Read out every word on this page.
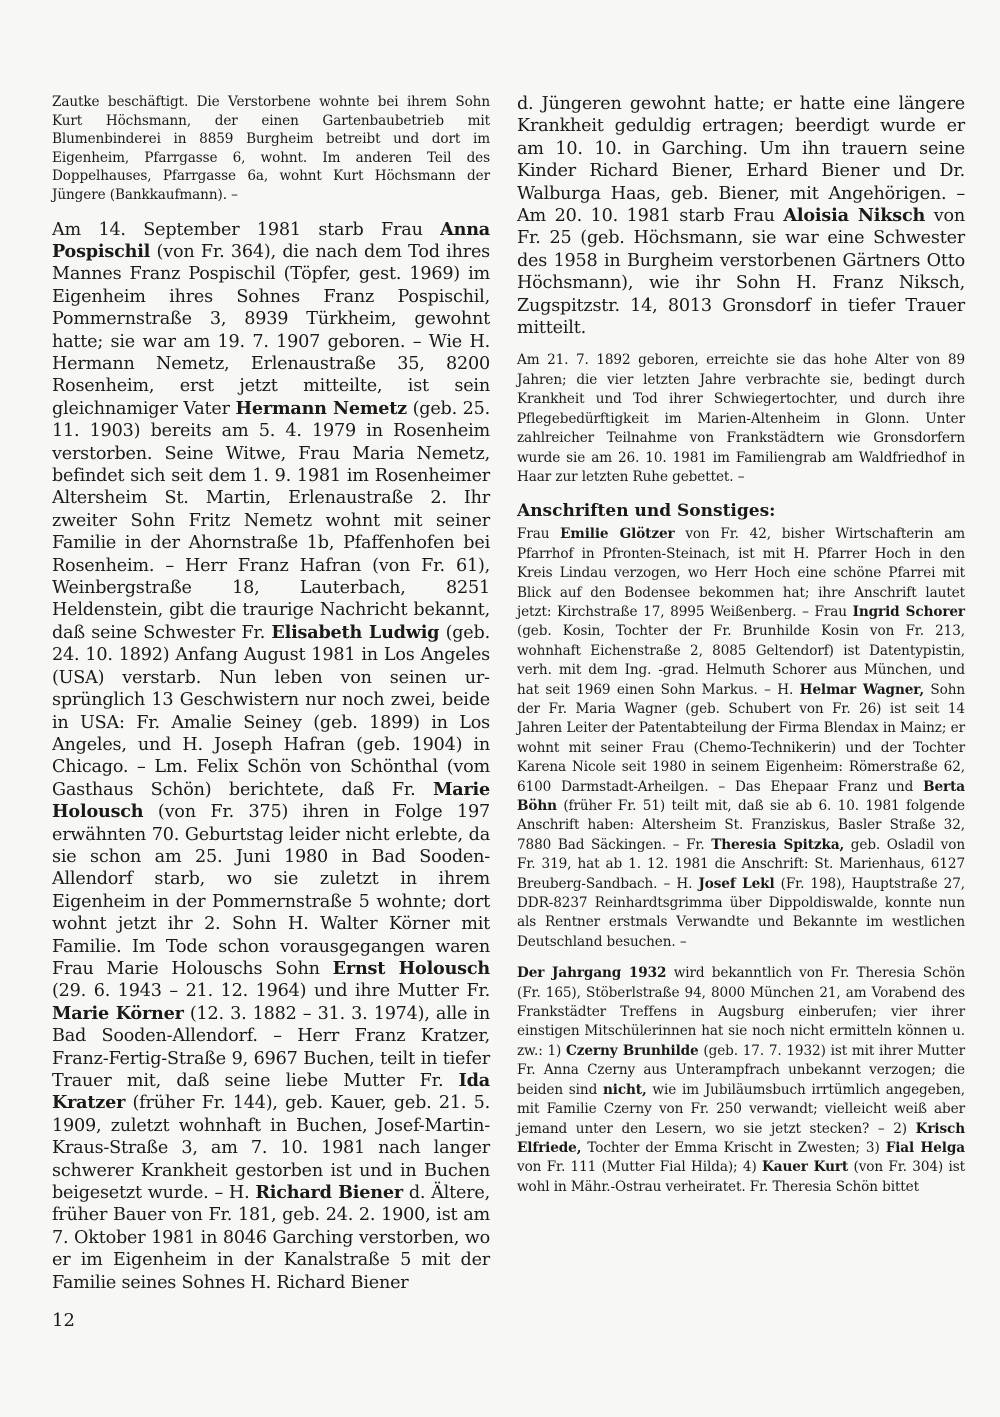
Zautke beschäftigt. Die Verstorbene wohnte bei ihrem Sohn Kurt Höchsmann, der einen Gartenbaubetrieb mit Blumenbinderei in 8859 Burgheim betreibt und dort im Eigenheim, Pfarrgasse 6, wohnt. Im anderen Teil des Doppelhauses, Pfarrgasse 6a, wohnt Kurt Höchsmann der Jüngere (Bankkaufmann). –

Am 14. September 1981 starb Frau Anna Pospischil (von Fr. 364), die nach dem Tod ihres Mannes Franz Pospischil (Töpfer, gest. 1969) im Eigenheim ihres Sohnes Franz Pospischil, Pommernstraße 3, 8939 Türkheim, gewohnt hatte; sie war am 19. 7. 1907 geboren. – Wie H. Hermann Nemetz, Erlenaustraße 35, 8200 Rosenheim, erst jetzt mitteilte, ist sein gleichnamiger Vater Hermann Nemetz (geb. 25. 11. 1903) bereits am 5. 4. 1979 in Rosenheim verstorben. Seine Witwe, Frau Maria Nemetz, befindet sich seit dem 1. 9. 1981 im Rosenheimer Altersheim St. Martin, Erlenaustraße 2. Ihr zweiter Sohn Fritz Nemetz wohnt mit seiner Familie in der Ahornstraße 1b, Pfaffenhofen bei Rosenheim. – Herr Franz Hafran (von Fr. 61), Weinbergstraße 18, Lauterbach, 8251 Heldenstein, gibt die traurige Nachricht bekannt, daß seine Schwester Fr. Elisabeth Ludwig (geb. 24. 10. 1892) Anfang August 1981 in Los Angeles (USA) verstarb. Nun leben von seinen ursprünglich 13 Geschwistern nur noch zwei, beide in USA: Fr. Amalie Seiney (geb. 1899) in Los Angeles, und H. Joseph Hafran (geb. 1904) in Chicago. – Lm. Felix Schön von Schönthal (vom Gasthaus Schön) berichtete, daß Fr. Marie Holousch (von Fr. 375) ihren in Folge 197 erwähnten 70. Geburtstag leider nicht erlebte, da sie schon am 25. Juni 1980 in Bad Sooden-Allendorf starb, wo sie zuletzt in ihrem Eigenheim in der Pommernstraße 5 wohnte; dort wohnt jetzt ihr 2. Sohn H. Walter Körner mit Familie. Im Tode schon vorausgegangen waren Frau Marie Holouschs Sohn Ernst Holousch (29. 6. 1943 – 21. 12. 1964) und ihre Mutter Fr. Marie Körner (12. 3. 1882 – 31. 3. 1974), alle in Bad Sooden-Allendorf. – Herr Franz Kratzer, Franz-Fertig-Straße 9, 6967 Buchen, teilt in tiefer Trauer mit, daß seine liebe Mutter Fr. Ida Kratzer (früher Fr. 144), geb. Kauer, geb. 21. 5. 1909, zuletzt wohnhaft in Buchen, Josef-Martin-Kraus-Straße 3, am 7. 10. 1981 nach langer schwerer Krankheit gestorben ist und in Buchen beigesetzt wurde. – H. Richard Biener d. Ältere, früher Bauer von Fr. 181, geb. 24. 2. 1900, ist am 7. Oktober 1981 in 8046 Garching verstorben, wo er im Eigenheim in der Kanalstraße 5 mit der Familie seines Sohnes H. Richard Biener

12

d. Jüngeren gewohnt hatte; er hatte eine längere Krankheit geduldig ertragen; beerdigt wurde er am 10. 10. in Garching. Um ihn trauern seine Kinder Richard Biener, Erhard Biener und Dr. Walburga Haas, geb. Biener, mit Angehörigen. – Am 20. 10. 1981 starb Frau Aloisia Niksch von Fr. 25 (geb. Höchsmann, sie war eine Schwester des 1958 in Burgheim verstorbenen Gärtners Otto Höchsmann), wie ihr Sohn H. Franz Niksch, Zugspitzstr. 14, 8013 Gronsdorf in tiefer Trauer mitteilt.

Am 21. 7. 1892 geboren, erreichte sie das hohe Alter von 89 Jahren; die vier letzten Jahre verbrachte sie, bedingt durch Krankheit und Tod ihrer Schwiegertochter, und durch ihre Pflegebedürftigkeit im Marien-Altenheim in Glonn. Unter zahlreicher Teilnahme von Frankstädtern wie Gronsdorfern wurde sie am 26. 10. 1981 im Familiengrab am Waldfriedhof in Haar zur letzten Ruhe gebettet. –

Anschriften und Sonstiges:

Frau Emilie Glötzer von Fr. 42, bisher Wirtschafterin am Pfarrhof in Pfronten-Steinach, ist mit H. Pfarrer Hoch in den Kreis Lindau verzogen, wo Herr Hoch eine schöne Pfarrei mit Blick auf den Bodensee bekommen hat; ihre Anschrift lautet jetzt: Kirchstraße 17, 8995 Weißenberg. – Frau Ingrid Schorer (geb. Kosin, Tochter der Fr. Brunhilde Kosin von Fr. 213, wohnhaft Eichenstraße 2, 8085 Geltendorf) ist Datentypistin, verh. mit dem Ing. -grad. Helmuth Schorer aus München, und hat seit 1969 einen Sohn Markus. – H. Helmar Wagner, Sohn der Fr. Maria Wagner (geb. Schubert von Fr. 26) ist seit 14 Jahren Leiter der Patentabteilung der Firma Blendax in Mainz; er wohnt mit seiner Frau (Chemo-Technikerin) und der Tochter Karena Nicole seit 1980 in seinem Eigenheim: Römerstraße 62, 6100 Darmstadt-Arheilgen. – Das Ehepaar Franz und Berta Böhn (früher Fr. 51) teilt mit, daß sie ab 6. 10. 1981 folgende Anschrift haben: Altersheim St. Franziskus, Basler Straße 32, 7880 Bad Säckingen. – Fr. Theresia Spitzka, geb. Osladil von Fr. 319, hat ab 1. 12. 1981 die Anschrift: St. Marienhaus, 6127 Breuberg-Sandbach. – H. Josef Lekl (Fr. 198), Hauptstraße 27, DDR-8237 Reinhardtsgrimma über Dippoldiswalde, konnte nun als Rentner erstmals Verwandte und Bekannte im westlichen Deutschland besuchen. –

Der Jahrgang 1932 wird bekanntlich von Fr. Theresia Schön (Fr. 165), Stöberlstraße 94, 8000 München 21, am Vorabend des Frankstädter Treffens in Augsburg einberufen; vier ihrer einstigen Mitschülerinnen hat sie noch nicht ermitteln können u. zw.: 1) Czerny Brunhilde (geb. 17. 7. 1932) ist mit ihrer Mutter Fr. Anna Czerny aus Unterampfrach unbekannt verzogen; die beiden sind nicht, wie im Jubiläumsbuch irrtümlich angegeben, mit Familie Czerny von Fr. 250 verwandt; vielleicht weiß aber jemand unter den Lesern, wo sie jetzt stecken? – 2) Krisch Elfriede, Tochter der Emma Krischt in Zwesten; 3) Fial Helga von Fr. 111 (Mutter Fial Hilda); 4) Kauer Kurt (von Fr. 304) ist wohl in Mähr.-Ostrau verheiratet. Fr. Theresia Schön bittet
